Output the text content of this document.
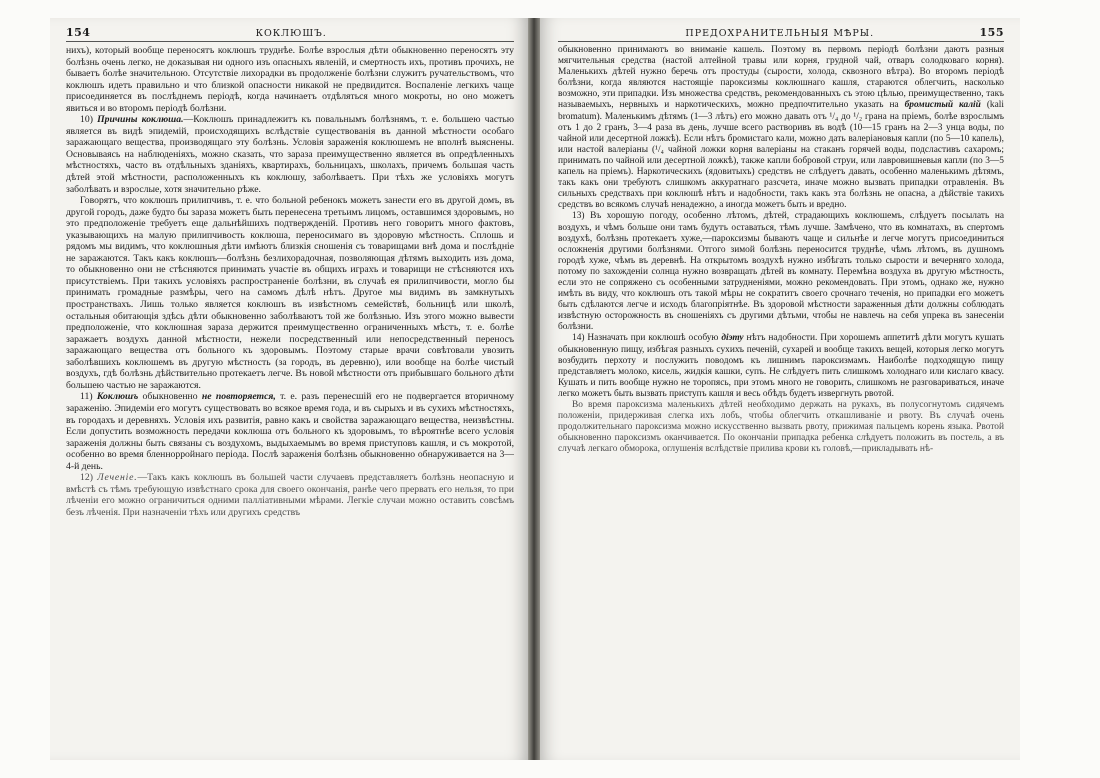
154	КОКЛЮШЪ.

нихъ), который вообще переносятъ коклюшъ труднѣе. Болѣе взрослыя дѣти обыкновенно переносятъ эту болѣзнь очень легко, не доказывая ни одного изъ опасныхъ явленій, и смертность ихъ, противъ прочихъ, не бываетъ болѣе значительною. Отсутствіе лихорадки въ продолженіе болѣзни служитъ ручательствомъ, что коклюшъ идетъ правильно и что близкой опасности никакой не предвидится. Воспаленіе легкихъ чаще присоединяется въ послѣднемъ періодѣ, когда начинаетъ отдѣляться много мокроты, но оно можетъ явиться и во второмъ періодѣ болѣзни.

10) Причины коклюша.—Коклюшъ принадлежитъ къ повальнымъ болѣзнямъ, т. е. большею частью является въ видѣ эпидемій, происходящихъ вслѣдствіе существованія въ данной мѣстности особаго заражающаго вещества, производящаго эту болѣзнь. Условія зараженія коклюшемъ не вполнѣ выяснены. Основываясь на наблюденіяхъ, можно сказать, что зараза преимущественно является въ опредѣленныхъ мѣстностяхъ, часто въ отдѣльныхъ зданіяхъ, квартирахъ, больницахъ, школахъ, причемъ большая часть дѣтей этой мѣстности, расположенныхъ къ коклюшу, заболѣваетъ. При тѣхъ же условіяхъ могутъ заболѣвать и взрослые, хотя значительно рѣже.

Говорятъ, что коклюшъ прилипчивъ, т. е. что больной ребенокъ можетъ занести его въ другой домъ, въ другой городъ, даже будто бы зараза можетъ быть перенесена третьимъ лицомъ, оставшимся здоровымъ, но это предположеніе требуетъ еще дальнѣйшихъ подтвержденій. Противъ него говоритъ много фактовъ, указывающихъ на малую прилипчивость коклюша, переносимаго въ здоровую мѣстность. Сплошь и рядомъ мы видимъ, что коклюшныя дѣти имѣютъ близкія сношенія съ товарищами внѣ дома и послѣдніе не заражаются. Такъ какъ коклюшъ—болѣзнь безлихорадочная, позволяющая дѣтямъ выходить изъ дома, то обыкновенно они не стѣсняются принимать участіе въ общихъ играхъ и товарищи не стѣсняются ихъ присутствіемъ. При такихъ условіяхъ распространеніе болѣзни, въ случаѣ ея прилипчивости, могло бы принимать громадные размѣры, чего на самомъ дѣлѣ нѣтъ. Другое мы видимъ въ замкнутыхъ пространствахъ. Лишь только является коклюшъ въ извѣстномъ семействѣ, больницѣ или школѣ, остальныя обитающія здѣсь дѣти обыкновенно заболѣваютъ той же болѣзнью. Изъ этого можно вывести предположеніе, что коклюшная зараза держится преимущественно ограниченныхъ мѣстъ, т. е. болѣе заражаетъ воздухъ данной мѣстности, нежели посредственный или непосредственный переносъ заражающаго вещества отъ больного къ здоровымъ. Поэтому старые врачи совѣтовали увозить заболѣвшихъ коклюшемъ въ другую мѣстность (за городъ, въ деревню), или вообще на болѣе чистый воздухъ, гдѣ болѣзнь дѣйствительно протекаетъ легче. Въ новой мѣстности отъ прибывшаго больного дѣти большею частью не заражаются.

11) Коклюшъ обыкновенно не повторяется, т. е. разъ перенесшій его не подвергается вторичному зараженію. Эпидеміи его могутъ существовать во всякое время года, и въ сырыхъ и въ сухихъ мѣстностяхъ, въ городахъ и деревняхъ. Условія ихъ развитія, равно какъ и свойства заражающаго вещества, неизвѣстны. Если допустить возможность передачи коклюша отъ больного къ здоровымъ, то вѣроятнѣе всего условія зараженія должны быть связаны съ воздухомъ, выдыхаемымъ во время приступовъ кашля, и съ мокротой, особенно во время бленнорройнаго періода. Послѣ зараженія болѣзнь обыкновенно обнаруживается на 3—4-й день.

12) Леченіе.—Такъ какъ коклюшъ въ большей части случаевъ представляетъ болѣзнь неопасную и вмѣстѣ съ тѣмъ требующую извѣстнаго срока для своего окончанія, ранѣе чего прервать его нельзя, то при лѣченіи его можно ограничиться одними палліативными мѣрами. Легкіе случаи можно оставить совсѣмъ безъ лѣченія. При назначеніи тѣхъ или другихъ средствъ

ПРЕДОХРАНИТЕЛЬНЫЯ МѢРЫ.	155

обыкновенно принимаютъ во вниманіе кашель. Поэтому въ первомъ періодѣ болѣзни даютъ разныя мягчительныя средства (настой алтейной травы или корня, грудной чай, отваръ солодковаго корня). Маленькихъ дѣтей нужно беречь отъ простуды (сырости, холода, сквозного вѣтра). Во второмъ періодѣ болѣзни, когда являются настоящіе пароксизмы коклюшнаго кашля, стараются облегчить, насколько возможно, эти припадки. Изъ множества средствъ, рекомендованныхъ съ этою цѣлью, преимущественно, такъ называемыхъ, нервныхъ и наркотическихъ, можно предпочтительно указать на бромистый калій (kali bromatum). Маленькимъ дѣтямъ (1—3 лѣтъ) его можно давать отъ ¹/₄ до ¹/₂ грана на пріемъ, болѣе взрослымъ отъ 1 до 2 гранъ, 3—4 раза въ день, лучше всего растворивъ въ водѣ (10—15 гранъ на 2—3 унца воды, по чайной или десертной ложкѣ). Если нѣтъ бромистаго кали, можно дать валеріановыя капли (по 5—10 капель), или настой валеріаны (¹/₄ чайной ложки корня валеріаны на стаканъ горячей воды, подсластивъ сахаромъ; принимать по чайной или десертной ложкѣ), также капли бобровой струи, или лавровишневыя капли (по 3—5 капель на пріемъ). Наркотическихъ (ядовитыхъ) средствъ не слѣдуетъ давать, особенно маленькимъ дѣтямъ, такъ какъ они требуютъ слишкомъ аккуратнаго разсчета, иначе можно вызвать припадки отравленія. Въ сильныхъ средствахъ при коклюшѣ нѣтъ и надобности, такъ какъ эта болѣзнь не опасна, а дѣйствіе такихъ средствъ во всякомъ случаѣ ненадежно, а иногда можетъ быть и вредно.

13) Въ хорошую погоду, особенно лѣтомъ, дѣтей, страдающихъ коклюшемъ, слѣдуетъ посылать на воздухъ, и чѣмъ больше они тамъ будутъ оставаться, тѣмъ лучше. Замѣчено, что въ комнатахъ, въ спертомъ воздухѣ, болѣзнь протекаетъ хуже,—пароксизмы бываютъ чаще и сильнѣе и легче могутъ присоединиться осложненія другими болѣзнями. Отгого зимой болѣзнь переносится труднѣе, чѣмъ лѣтомъ, въ душномъ городѣ хуже, чѣмъ въ деревнѣ. На открытомъ воздухѣ нужно избѣгать только сырости и вечерняго холода, потому по захожденіи солнца нужно возвращать дѣтей въ комнату. Перемѣна воздуха въ другую мѣстность, если это не сопряжено съ особенными затрудненіями, можно рекомендовать. При этомъ, однако же, нужно имѣть въ виду, что коклюшъ отъ такой мѣры не сократитъ своего срочнаго теченія, но припадки его можетъ быть сдѣлаются легче и исходъ благопріятнѣе. Въ здоровой мѣстности зараженныя дѣти должны соблюдать извѣстную осторожность въ сношеніяхъ съ другими дѣтьми, чтобы не навлечь на себя упрека въ занесеніи болѣзни.

14) Назначать при коклюшѣ особую діэту нѣтъ надобности. При хорошемъ аппетитѣ дѣти могутъ кушать обыкновенную пищу, избѣгая разныхъ сухихъ печеній, сухарей и вообще такихъ вещей, которыя легко могутъ возбудить перхоту и послужить поводомъ къ лишнимъ пароксизмамъ. Наиболѣе подходящую пищу представляетъ молоко, кисель, жидкія кашки, супъ. Не слѣдуетъ пить слишкомъ холоднаго или кислаго квасу. Кушать и пить вообще нужно не торопясь, при этомъ много не говорить, слишкомъ не разговариваться, иначе легко можетъ быть вызвать приступъ кашля и весь обѣдъ будетъ извергнуть рвотой.

Во время пароксизма маленькихъ дѣтей необходимо держать на рукахъ, въ полусогнутомъ сидячемъ положеніи, придерживая слегка ихъ лобъ, чтобы облегчить откашливаніе и рвоту. Въ случаѣ очень продолжительнаго пароксизма можно искусственно вызвать рвоту, прижимая пальцемъ корень языка. Рвотой обыкновенно пароксизмъ оканчивается. По окончаніи припадка ребенка слѣдуетъ положить въ постель, а въ случаѣ легкаго обморока, оглушенія вслѣдствіе прилива крови къ головѣ,—прикладывать нѣ-
